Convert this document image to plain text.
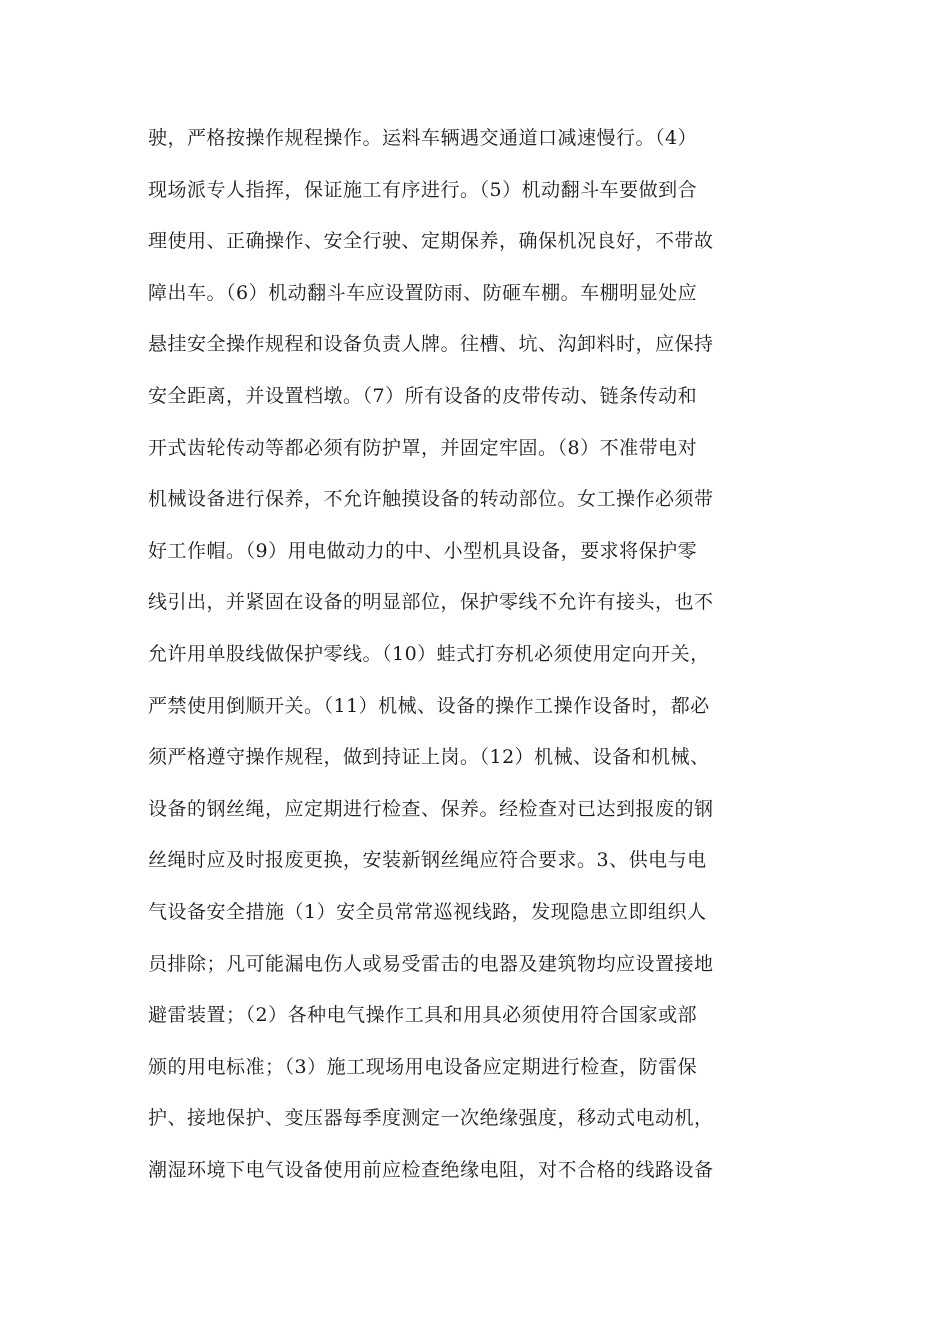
驶，严格按操作规程操作。运料车辆遇交通道口减速慢行。（4）
现场派专人指挥，保证施工有序进行。（5）机动翻斗车要做到合
理使用、正确操作、安全行驶、定期保养，确保机况良好，不带故
障出车。（6）机动翻斗车应设置防雨、防砸车棚。车棚明显处应
悬挂安全操作规程和设备负责人牌。往槽、坑、沟卸料时，应保持
安全距离，并设置档墩。（7）所有设备的皮带传动、链条传动和
开式齿轮传动等都必须有防护罩，并固定牢固。（8）不准带电对
机械设备进行保养，不允许触摸设备的转动部位。女工操作必须带
好工作帽。（9）用电做动力的中、小型机具设备，要求将保护零
线引出，并紧固在设备的明显部位，保护零线不允许有接头，也不
允许用单股线做保护零线。（10）蛙式打夯机必须使用定向开关，
严禁使用倒顺开关。（11）机械、设备的操作工操作设备时，都必
须严格遵守操作规程，做到持证上岗。（12）机械、设备和机械、
设备的钢丝绳，应定期进行检查、保养。经检查对已达到报废的钢
丝绳时应及时报废更换，安装新钢丝绳应符合要求。3、供电与电
气设备安全措施（1）安全员常常巡视线路，发现隐患立即组织人
员排除；凡可能漏电伤人或易受雷击的电器及建筑物均应设置接地
避雷装置；（2）各种电气操作工具和用具必须使用符合国家或部
颁的用电标准；（3）施工现场用电设备应定期进行检查，防雷保
护、接地保护、变压器每季度测定一次绝缘强度，移动式电动机，
潮湿环境下电气设备使用前应检查绝缘电阻，对不合格的线路设备
